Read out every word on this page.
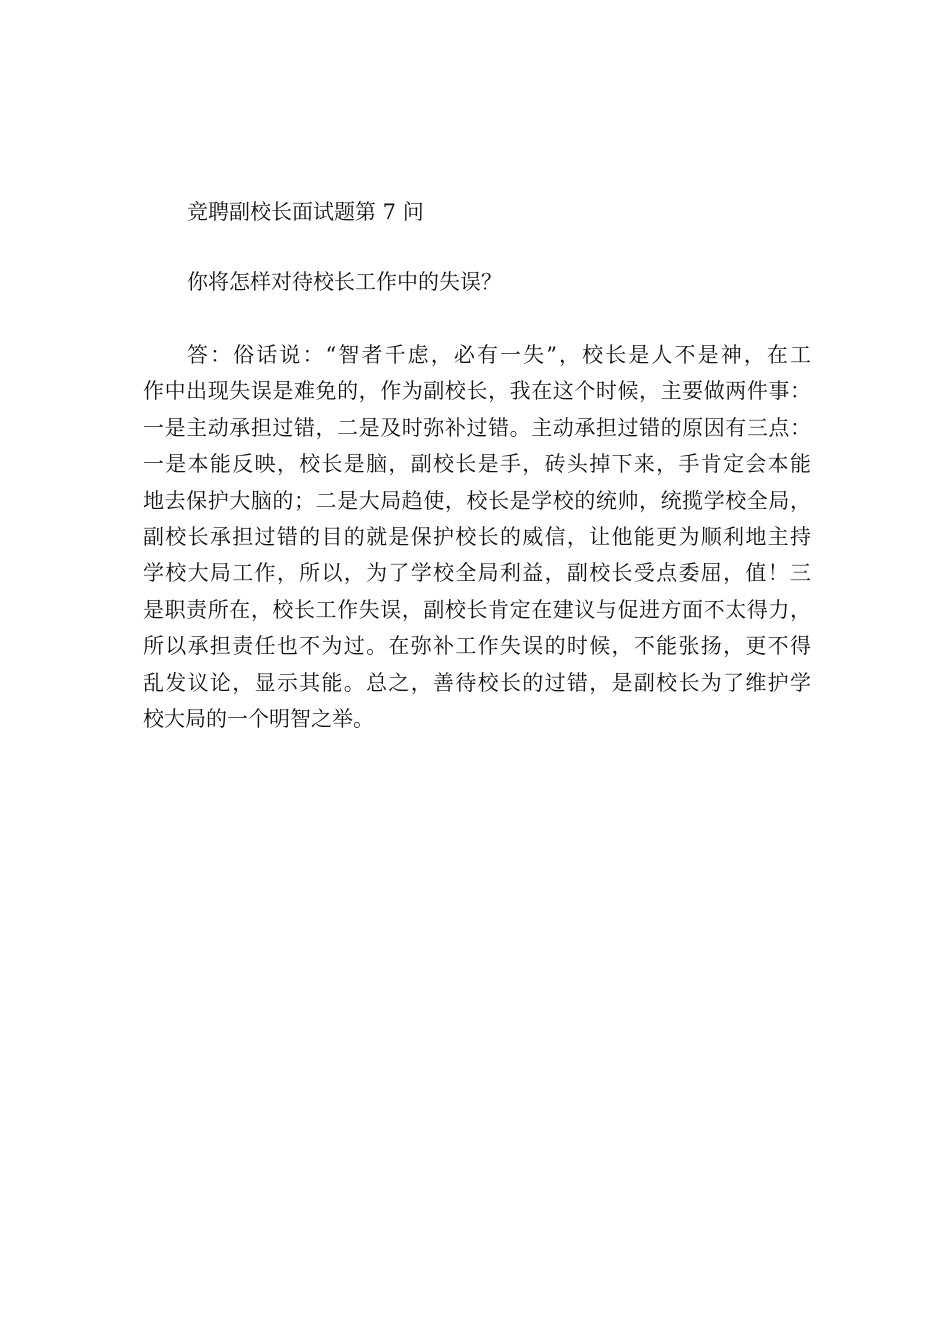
竞聘副校长面试题第 7 问

你将怎样对待校长工作中的失误？

答：俗话说：“智者千虑，必有一失”，校长是人不是神，在工
作中出现失误是难免的，作为副校长，我在这个时候，主要做两件事：
一是主动承担过错，二是及时弥补过错。主动承担过错的原因有三点：
一是本能反映，校长是脑，副校长是手，砖头掉下来，手肯定会本能
地去保护大脑的；二是大局趋使，校长是学校的统帅，统揽学校全局，
副校长承担过错的目的就是保护校长的威信，让他能更为顺利地主持
学校大局工作，所以，为了学校全局利益，副校长受点委屈，值！三
是职责所在，校长工作失误，副校长肯定在建议与促进方面不太得力，
所以承担责任也不为过。在弥补工作失误的时候，不能张扬，更不得
乱发议论，显示其能。总之，善待校长的过错，是副校长为了维护学
校大局的一个明智之举。
